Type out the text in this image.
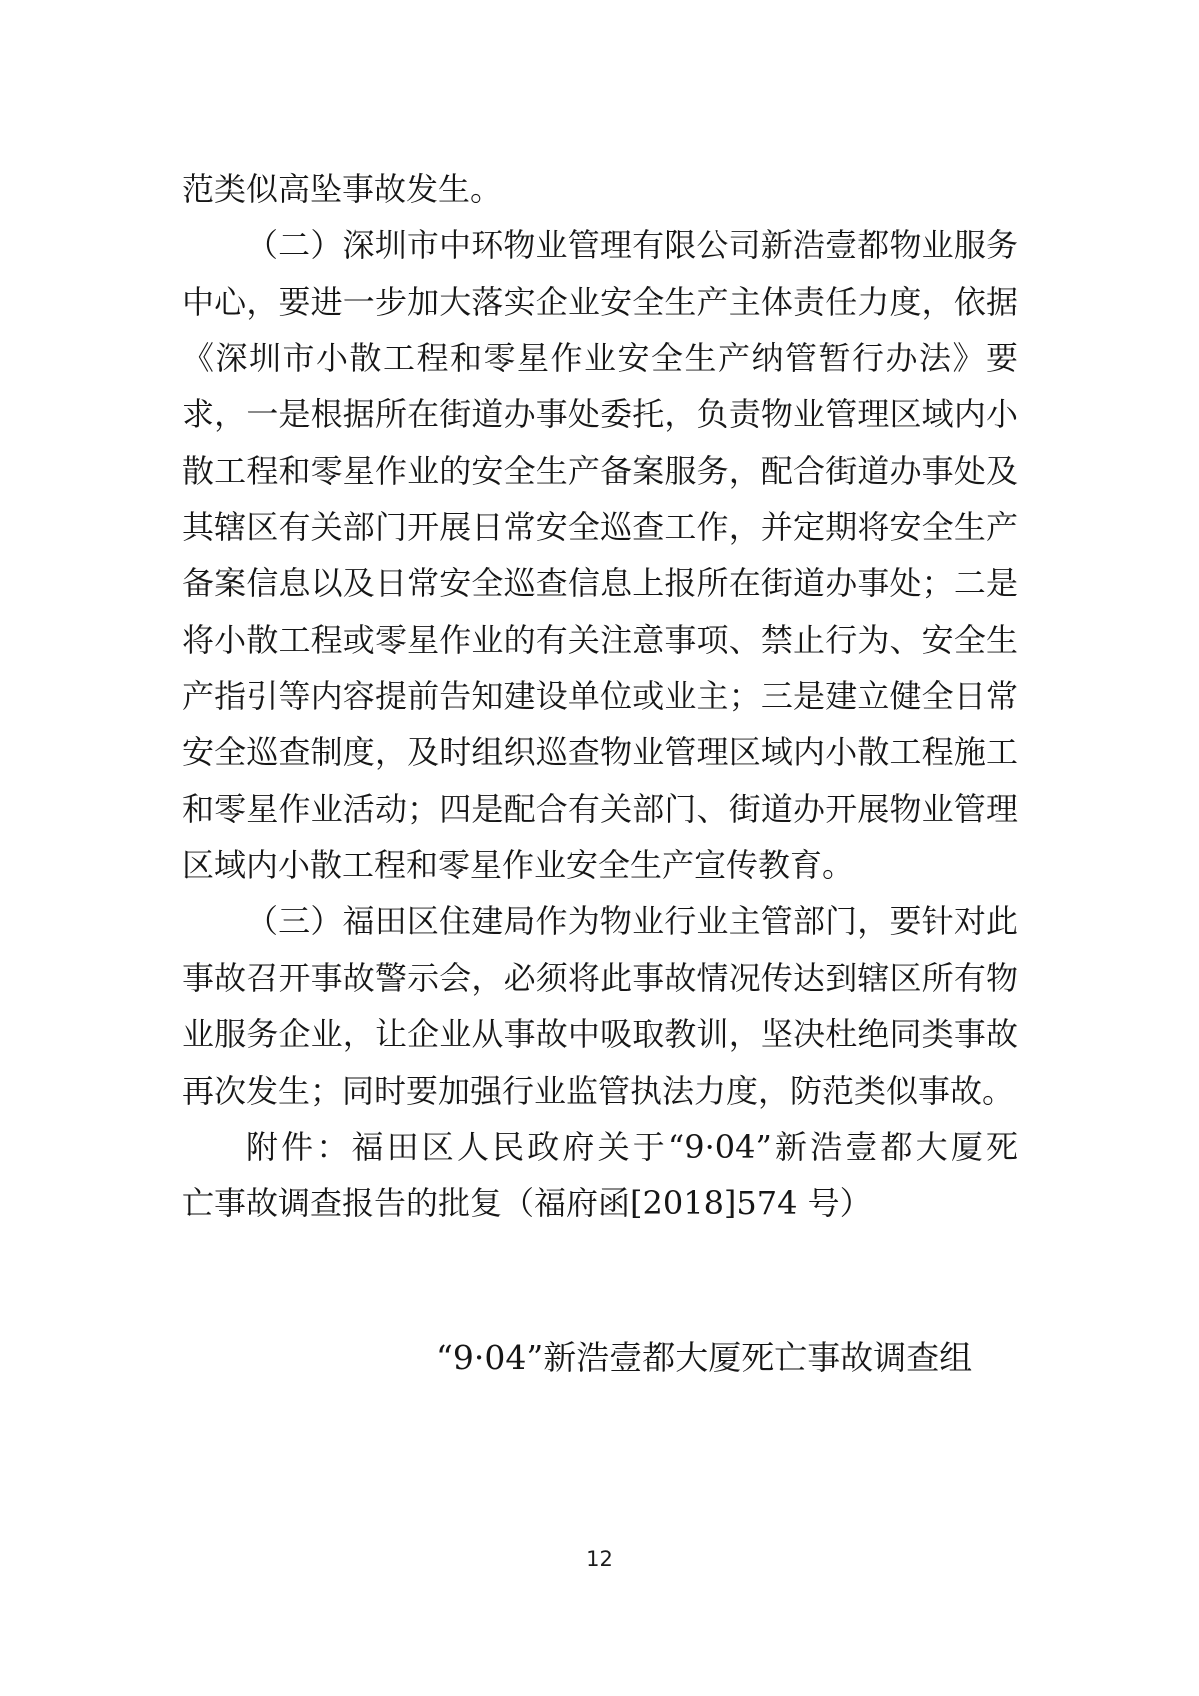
范类似高坠事故发生。
（二）深圳市中环物业管理有限公司新浩壹都物业服务
中心，要进一步加大落实企业安全生产主体责任力度，依据
《深圳市小散工程和零星作业安全生产纳管暂行办法》要
求，一是根据所在街道办事处委托，负责物业管理区域内小
散工程和零星作业的安全生产备案服务，配合街道办事处及
其辖区有关部门开展日常安全巡查工作，并定期将安全生产
备案信息以及日常安全巡查信息上报所在街道办事处；二是
将小散工程或零星作业的有关注意事项、禁止行为、安全生
产指引等内容提前告知建设单位或业主；三是建立健全日常
安全巡查制度，及时组织巡查物业管理区域内小散工程施工
和零星作业活动；四是配合有关部门、街道办开展物业管理
区域内小散工程和零星作业安全生产宣传教育。
（三）福田区住建局作为物业行业主管部门，要针对此
事故召开事故警示会，必须将此事故情况传达到辖区所有物
业服务企业，让企业从事故中吸取教训，坚决杜绝同类事故
再次发生；同时要加强行业监管执法力度，防范类似事故。
附件：福田区人民政府关于“9·04”新浩壹都大厦死
亡事故调查报告的批复（福府函[2018]574 号）
“9·04”新浩壹都大厦死亡事故调查组
12
